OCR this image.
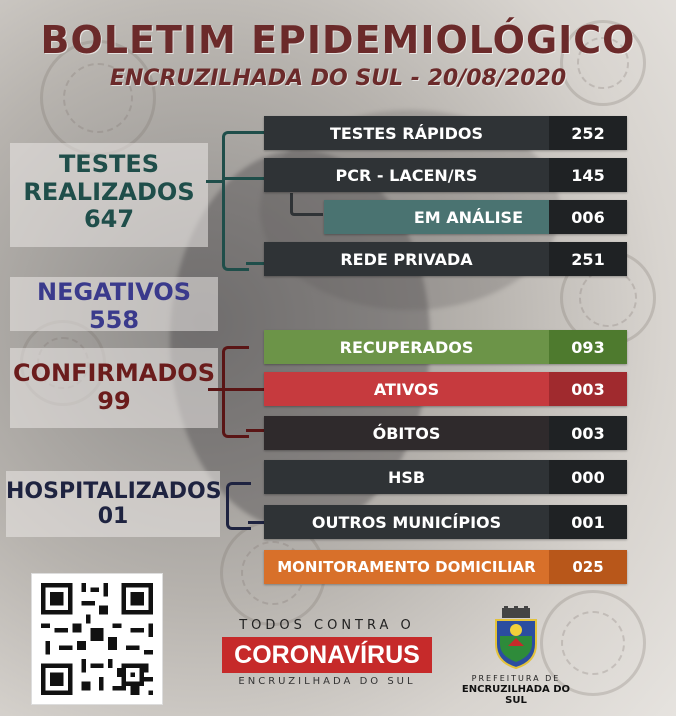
BOLETIM EPIDEMIOLÓGICO
ENCRUZILHADA DO SUL - 20/08/2020
TESTES
REALIZADOS
647
NEGATIVOS
558
CONFIRMADOS
99
HOSPITALIZADOS
01
TESTES RÁPIDOS	252
PCR - LACEN/RS	145
EM ANÁLISE	006
REDE PRIVADA	251
RECUPERADOS	093
ATIVOS	003
ÓBITOS	003
HSB	000
OUTROS MUNICÍPIOS	001
MONITORAMENTO DOMICILIAR	025
TODOS CONTRA O
CORONAVÍRUS
ENCRUZILHADA DO SUL	PREFEITURA DE
ENCRUZILHADA DO SUL
